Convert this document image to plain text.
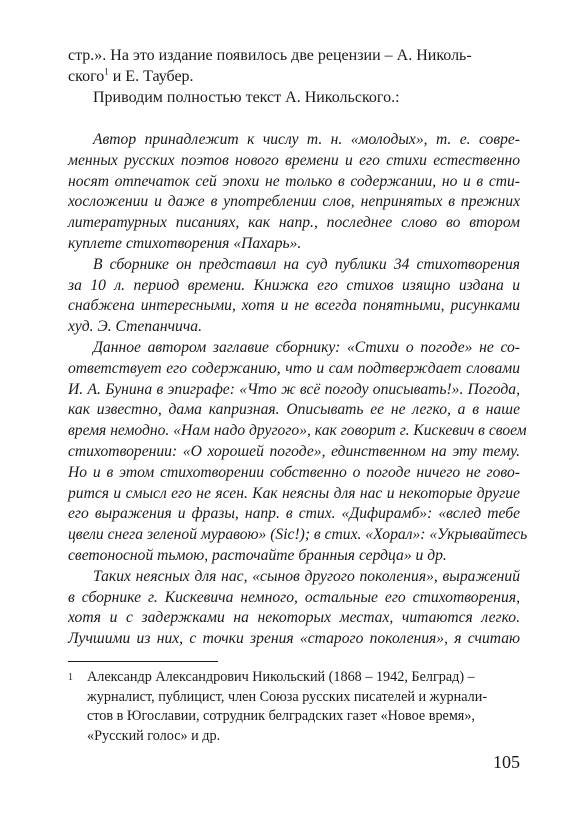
стр.». На это издание появилось две рецензии – А. Николь-
ского$^1$ и Е. Таубер.
Приводим полностью текст А. Никольского.:
Автор принадлежит к числу т. н. «молодых», т. е. совре-
менных русских поэтов нового времени и его стихи естественно
носят отпечаток сей эпохи не только в содержании, но и в сти-
хосложении и даже в употреблении слов, непринятых в прежних
литературных писаниях, как напр., последнее слово во втором
куплете стихотворения «Пахарь».
В сборнике он представил на суд публики 34 стихотворения
за 10 л. период времени. Книжка его стихов изящно издана и
снабжена интересными, хотя и не всегда понятными, рисунками
худ. Э. Степанчича.
Данное автором заглавие сборнику: «Стихи о погоде» не со-
ответствует его содержанию, что и сам подтверждает словами
И. А. Бунина в эпиграфе: «Что ж всё погоду описывать!». Погода,
как известно, дама капризная. Описывать ее не легко, а в наше
время немодно. «Нам надо другого», как говорит г. Кискевич в своем
стихотворении: «О хорошей погоде», единственном на эту тему.
Но и в этом стихотворении собственно о погоде ничего не гово-
рится и смысл его не ясен. Как неясны для нас и некоторые другие
его выражения и фразы, напр. в стих. «Дифирамб»: «вслед тебе
цвели снега зеленой муравою» (Sic!); в стих. «Хорал»: «Укрывайтесь
светоносной тьмою, расточайте бранныя сердца» и др.
Таких неясных для нас, «сынов другого поколения», выражений
в сборнике г. Кискевича немного, остальные его стихотворения,
хотя и с задержками на некоторых местах, читаются легко.
Лучшими из них, с точки зрения «старого поколения», я считаю
1 Александр Александрович Никольский (1868 – 1942, Белград) –
журналист, публицист, член Союза русских писателей и журнали-
стов в Югославии, сотрудник белградских газет «Новое время»,
«Русский голос» и др.
105
